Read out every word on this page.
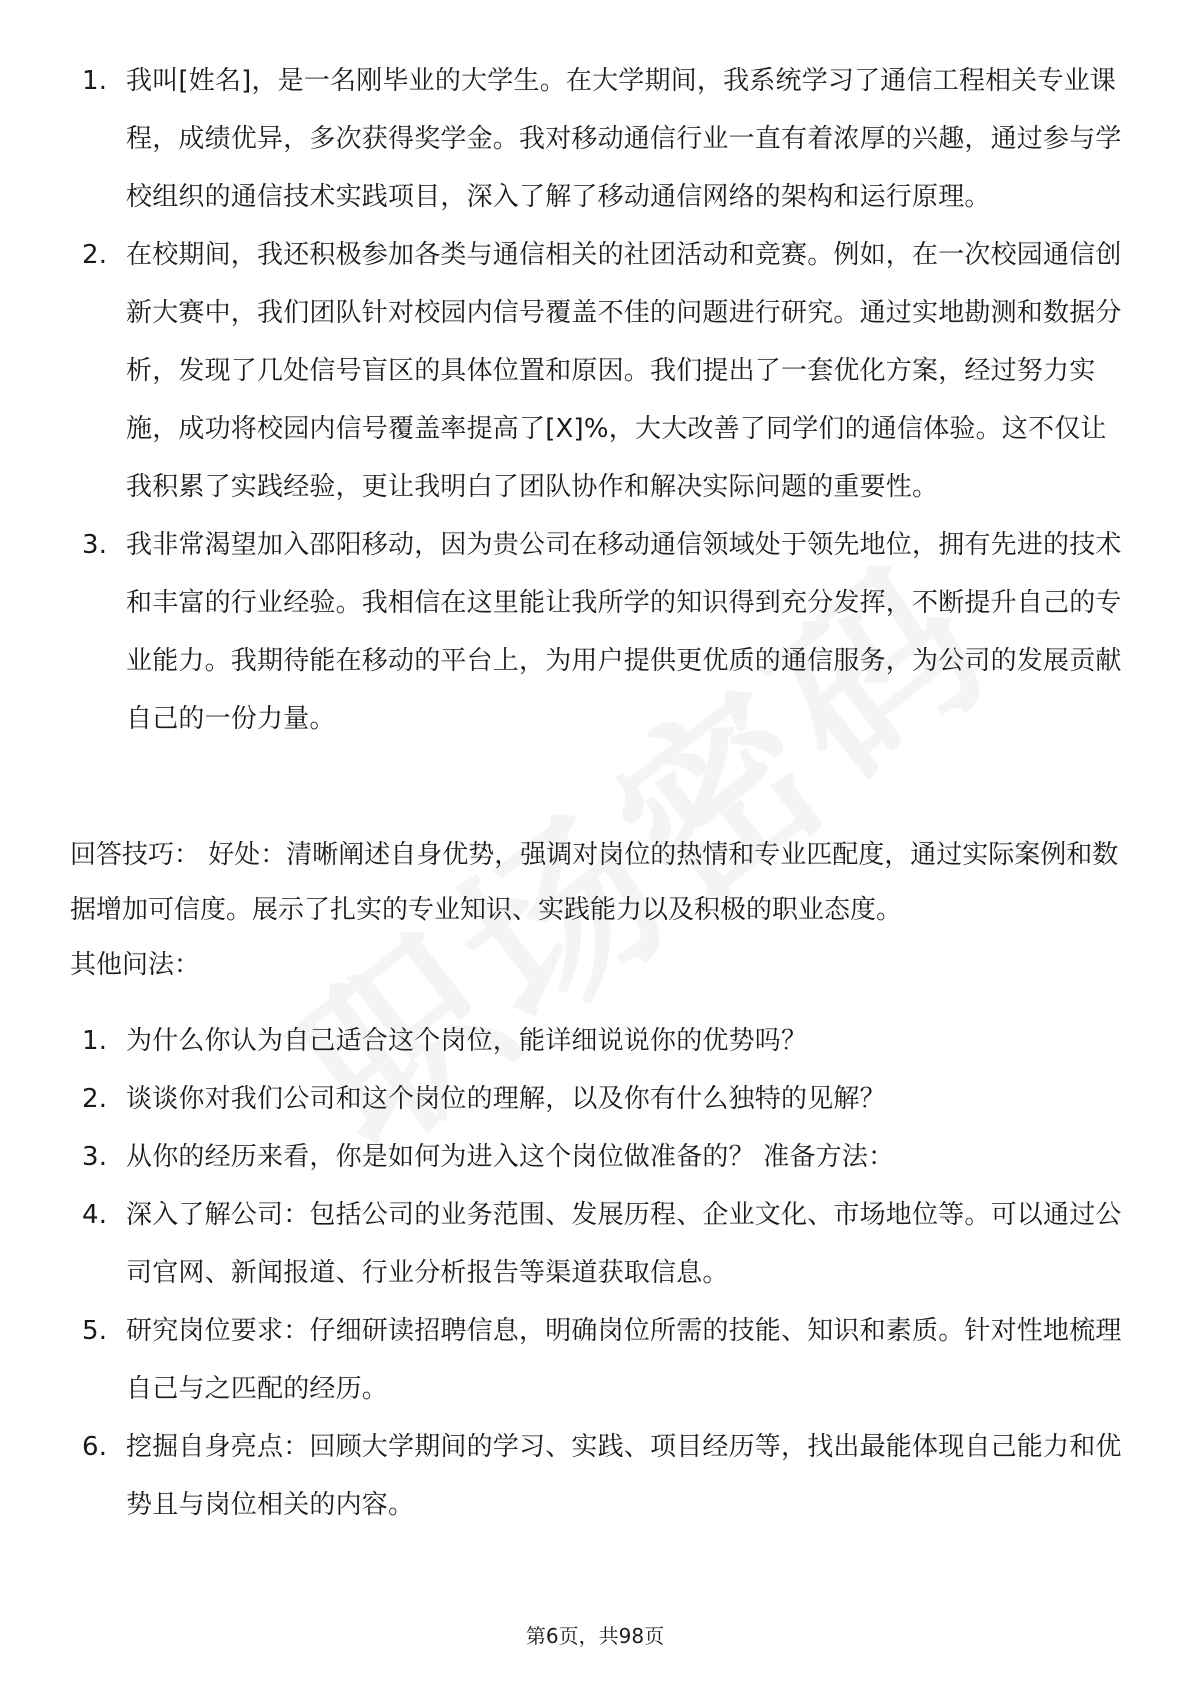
1. 我叫[姓名]，是一名刚毕业的大学生。在大学期间，我系统学习了通信工程相关专业课程，成绩优异，多次获得奖学金。我对移动通信行业一直有着浓厚的兴趣，通过参与学校组织的通信技术实践项目，深入了解了移动通信网络的架构和运行原理。
2. 在校期间，我还积极参加各类与通信相关的社团活动和竞赛。例如，在一次校园通信创新大赛中，我们团队针对校园内信号覆盖不佳的问题进行研究。通过实地勘测和数据分析，发现了几处信号盲区的具体位置和原因。我们提出了一套优化方案，经过努力实施，成功将校园内信号覆盖率提高了[X]%，大大改善了同学们的通信体验。这不仅让我积累了实践经验，更让我明白了团队协作和解决实际问题的重要性。
3. 我非常渴望加入邵阳移动，因为贵公司在移动通信领域处于领先地位，拥有先进的技术和丰富的行业经验。我相信在这里能让我所学的知识得到充分发挥，不断提升自己的专业能力。我期待能在移动的平台上，为用户提供更优质的通信服务，为公司的发展贡献自己的一份力量。
回答技巧： 好处：清晰阐述自身优势，强调对岗位的热情和专业匹配度，通过实际案例和数据增加可信度。展示了扎实的专业知识、实践能力以及积极的职业态度。
其他问法：
1. 为什么你认为自己适合这个岗位，能详细说说你的优势吗？
2. 谈谈你对我们公司和这个岗位的理解，以及你有什么独特的见解？
3. 从你的经历来看，你是如何为进入这个岗位做准备的？ 准备方法：
4. 深入了解公司：包括公司的业务范围、发展历程、企业文化、市场地位等。可以通过公司官网、新闻报道、行业分析报告等渠道获取信息。
5. 研究岗位要求：仔细研读招聘信息，明确岗位所需的技能、知识和素质。针对性地梳理自己与之匹配的经历。
6. 挖掘自身亮点：回顾大学期间的学习、实践、项目经历等，找出最能体现自己能力和优势且与岗位相关的内容。
第6页，共98页
